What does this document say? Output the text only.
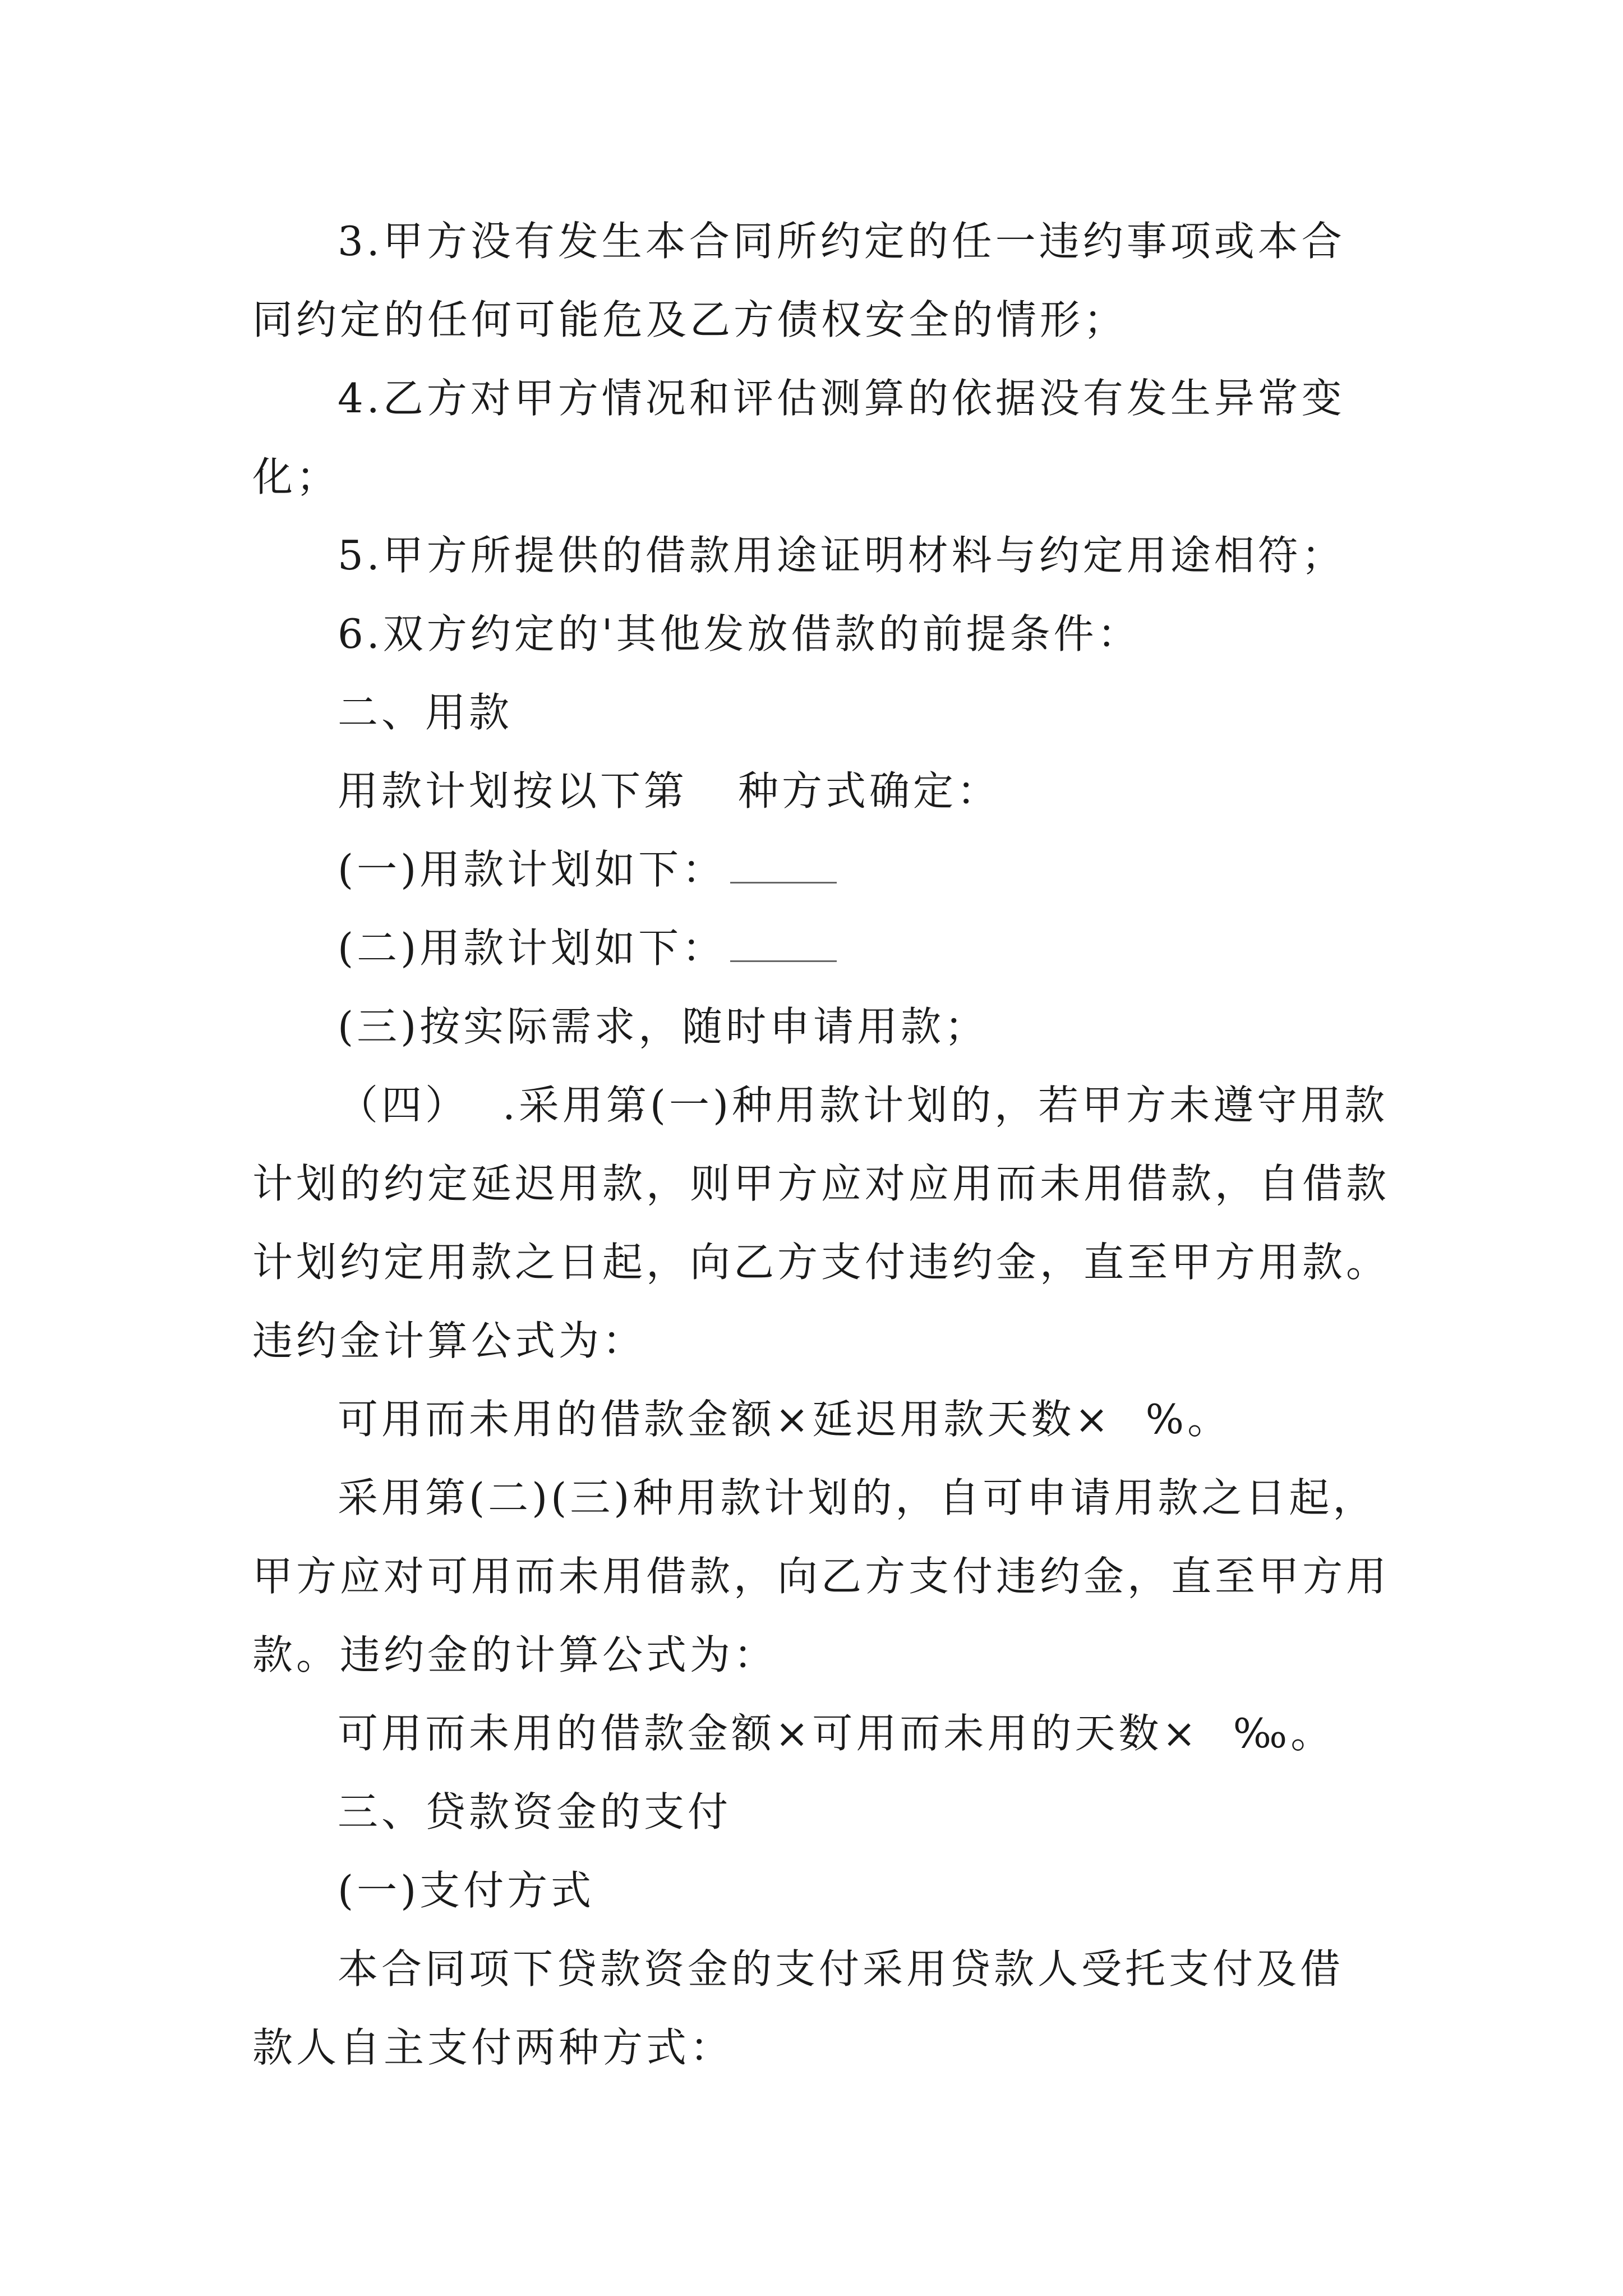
3.甲方没有发生本合同所约定的任一违约事项或本合
同约定的任何可能危及乙方债权安全的情形；
4.乙方对甲方情况和评估测算的依据没有发生异常变
化；
5.甲方所提供的借款用途证明材料与约定用途相符；
6.双方约定的'其他发放借款的前提条件：
二、用款
用款计划按以下第 种方式确定：
(一)用款计划如下：
(二)用款计划如下：
(三)按实际需求，随时申请用款；
（四） .采用第(一)种用款计划的，若甲方未遵守用款
计划的约定延迟用款，则甲方应对应用而未用借款，自借款
计划约定用款之日起，向乙方支付违约金，直至甲方用款。
违约金计算公式为：
可用而未用的借款金额×延迟用款天数× %。
采用第(二)(三)种用款计划的，自可申请用款之日起，
甲方应对可用而未用借款，向乙方支付违约金，直至甲方用
款。违约金的计算公式为：
可用而未用的借款金额×可用而未用的天数× ‰。
三、贷款资金的支付
(一)支付方式
本合同项下贷款资金的支付采用贷款人受托支付及借
款人自主支付两种方式：
